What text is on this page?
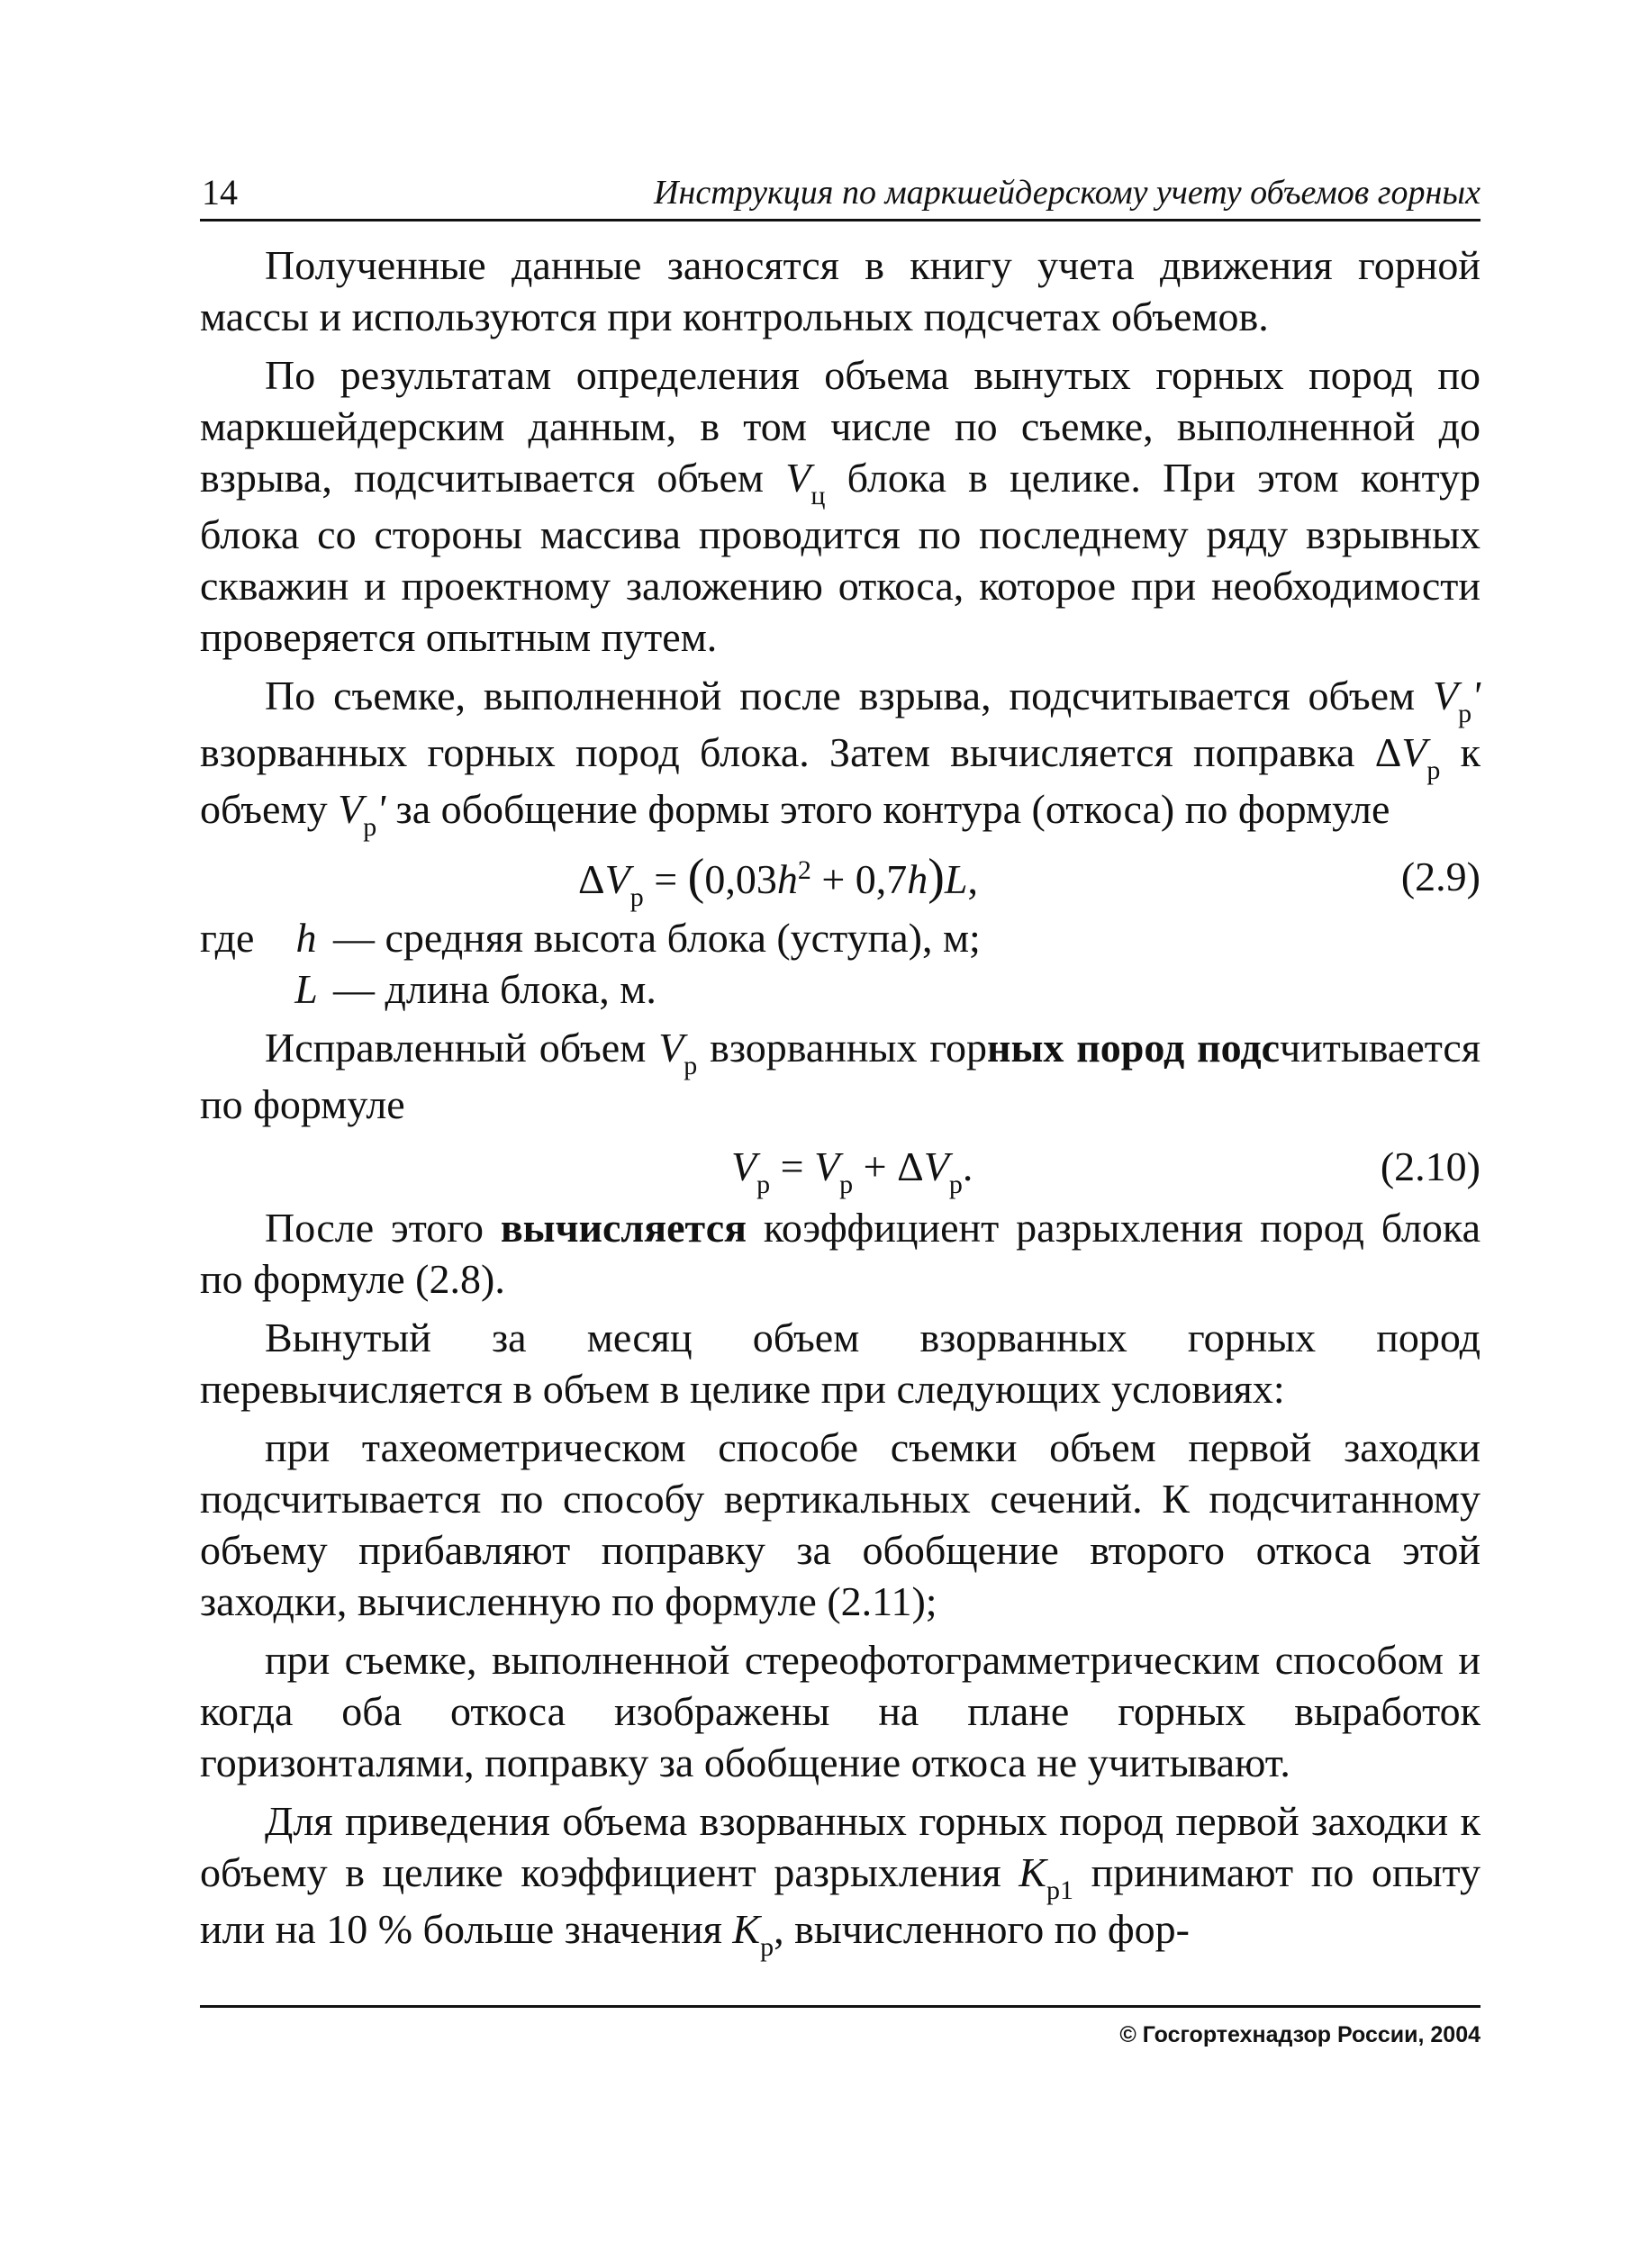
14	Инструкция по маркшейдерскому учету объемов горных

Полученные данные заносятся в книгу учета движения горной массы и используются при контрольных подсчетах объемов.

По результатам определения объема вынутых горных пород по маркшейдерским данным, в том числе по съемке, выполненной до взрыва, подсчитывается объем $V_ц$ блока в целике. При этом контур блока со стороны массива проводится по последнему ряду взрывных скважин и проектному заложению откоса, которое при необходимости проверяется опытным путем.

По съемке, выполненной после взрыва, подсчитывается объем $V_р'$ взорванных горных пород блока. Затем вычисляется поправка $\Delta V_р$ к объему $V_р'$ за обобщение формы этого контура (откоса) по формуле

$\Delta V_р = (0,03h^2 + 0,7h)L$,	(2.9)
где h — средняя высота блока (уступа), м;
L — длина блока, м.

Исправленный объем $V_р$ взорванных горных пород подсчитывается по формуле

$V_р = V_р + \Delta V_р$.	(2.10)

После этого вычисляется коэффициент разрыхления пород блока по формуле (2.8).

Вынутый за месяц объем взорванных горных пород перевычисляется в объем в целике при следующих условиях:

при тахеометрическом способе съемки объем первой заходки подсчитывается по способу вертикальных сечений. К подсчитанному объему прибавляют поправку за обобщение второго откоса этой заходки, вычисленную по формуле (2.11);

при съемке, выполненной стереофотограмметрическим способом и когда оба откоса изображены на плане горных выработок горизонталями, поправку за обобщение откоса не учитывают.

Для приведения объема взорванных горных пород первой заходки к объему в целике коэффициент разрыхления $K_{р1}$ принимают по опыту или на 10 % больше значения $K_р$, вычисленного по фор-

© Госгортехнадзор России, 2004
